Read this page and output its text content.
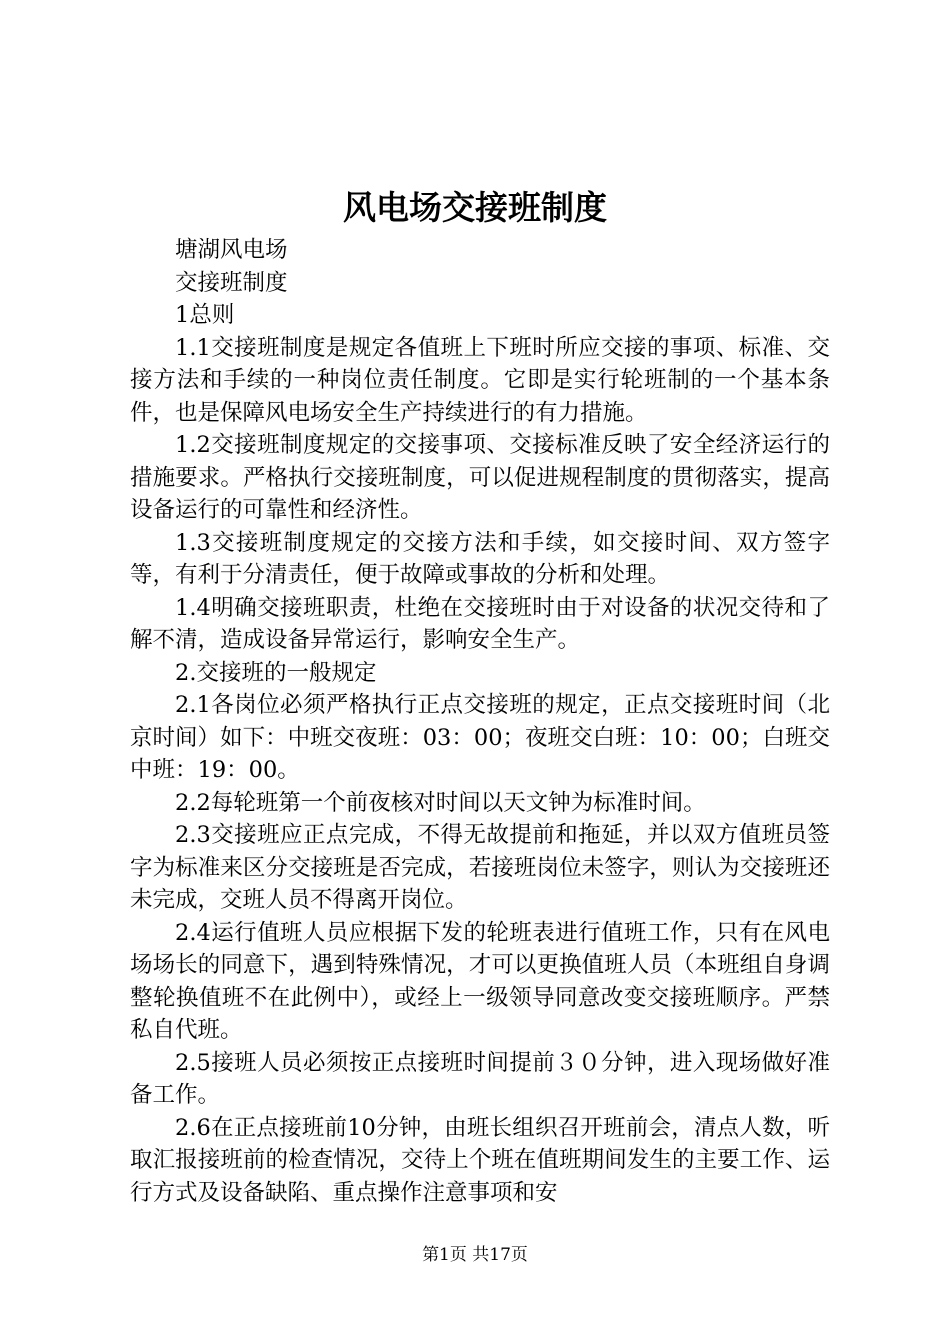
风电场交接班制度

塘湖风电场

交接班制度

1总则

1.1交接班制度是规定各值班上下班时所应交接的事项、标准、交接方法和手续的一种岗位责任制度。它即是实行轮班制的一个基本条件，也是保障风电场安全生产持续进行的有力措施。

1.2交接班制度规定的交接事项、交接标准反映了安全经济运行的措施要求。严格执行交接班制度，可以促进规程制度的贯彻落实，提高设备运行的可靠性和经济性。

1.3交接班制度规定的交接方法和手续，如交接时间、双方签字等，有利于分清责任，便于故障或事故的分析和处理。

1.4明确交接班职责，杜绝在交接班时由于对设备的状况交待和了解不清，造成设备异常运行，影响安全生产。

2.交接班的一般规定

2.1各岗位必须严格执行正点交接班的规定，正点交接班时间（北京时间）如下：中班交夜班：03：00；夜班交白班：10：00；白班交中班：19：00。

2.2每轮班第一个前夜核对时间以天文钟为标准时间。

2.3交接班应正点完成，不得无故提前和拖延，并以双方值班员签字为标准来区分交接班是否完成，若接班岗位未签字，则认为交接班还未完成，交班人员不得离开岗位。

2.4运行值班人员应根据下发的轮班表进行值班工作，只有在风电场场长的同意下，遇到特殊情况，才可以更换值班人员（本班组自身调整轮换值班不在此例中），或经上一级领导同意改变交接班顺序。严禁私自代班。

2.5接班人员必须按正点接班时间提前３０分钟，进入现场做好准备工作。

2.6在正点接班前10分钟，由班长组织召开班前会，清点人数，听取汇报接班前的检查情况，交待上个班在值班期间发生的主要工作、运行方式及设备缺陷、重点操作注意事项和安

第1页 共17页
